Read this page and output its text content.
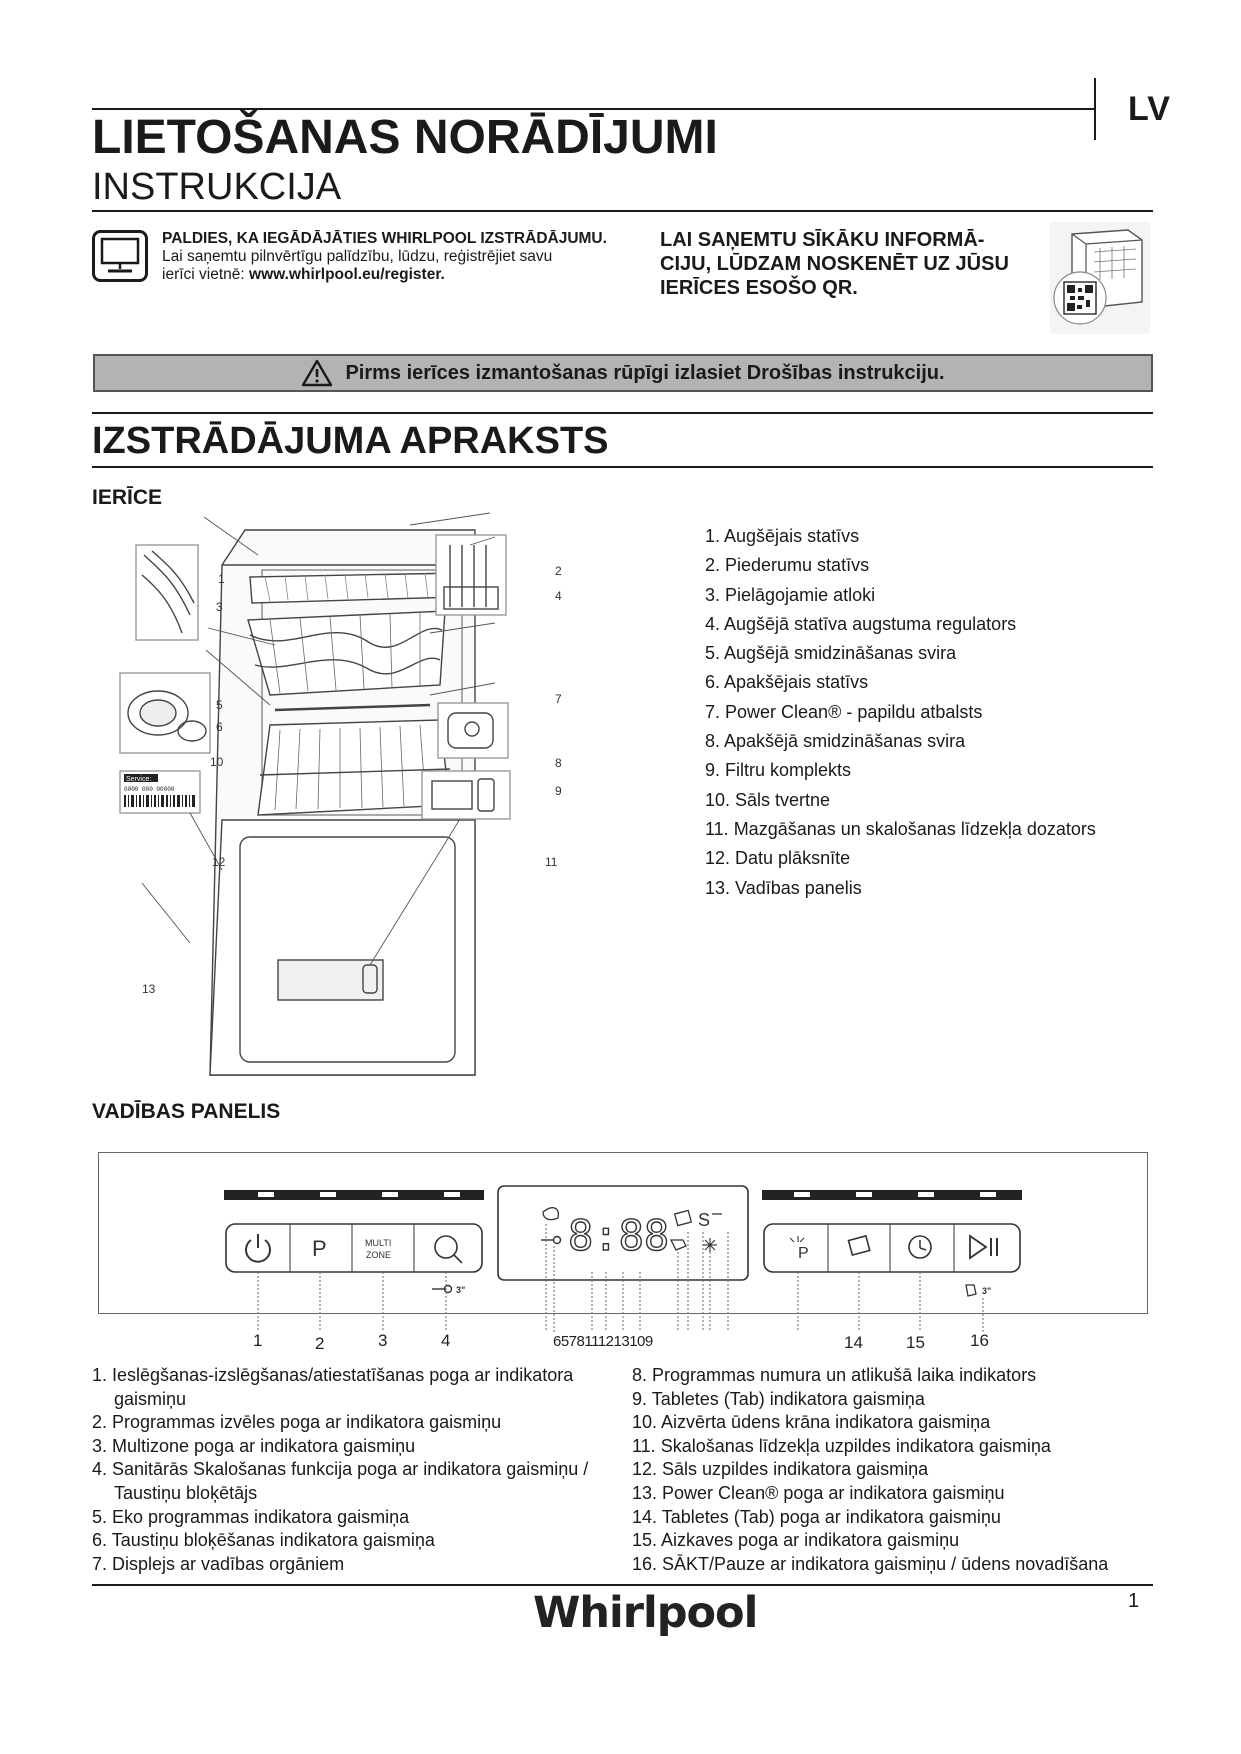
LV
LIETOŠANAS NORĀDĪJUMI
INSTRUKCIJA
PALDIES, KA IEGĀDĀJĀTIES WHIRLPOOL IZSTRĀDĀJUMU.
Lai saņemtu pilnvērtīgu palīdzību, lūdzu, reģistrējiet savu
ierīci vietnē: www.whirlpool.eu/register.
LAI SAŅEMTU SĪKĀKU INFORMĀ-
CIJU, LŪDZAM NOSKENĒT UZ JŪSU
IERĪCES ESOŠO QR.
Pirms ierīces izmantošanas rūpīgi izlasiet Drošības instrukciju.
IZSTRĀDĀJUMA APRAKSTS
IERĪCE
Service:
0000 000 00000
1
2
3
4
5
6
7
8
9
10
11
12
13
1. Augšējais statīvs
2. Piederumu statīvs
3. Pielāgojamie atloki
4. Augšējā statīva augstuma regulators
5. Augšējā smidzināšanas svira
6. Apakšējais statīvs
7. Power Clean® - papildu atbalsts
8. Apakšējā smidzināšanas svira
9. Filtru komplekts
10. Sāls tvertne
11. Mazgāšanas un skalošanas līdzekļa dozators
12. Datu plāksnīte
13. Vadības panelis
VADĪBAS PANELIS
P	MULTI
ZONE
3"
8:88 S
P
3"
1	2	3	4	6578111213109	14	15	16
1. Ieslēgšanas-izslēgšanas/atiestatīšanas poga ar indikatora gaismiņu
2. Programmas izvēles poga ar indikatora gaismiņu
3. Multizone poga ar indikatora gaismiņu
4. Sanitārās Skalošanas funkcija poga ar indikatora gaismiņu / Taustiņu bloķētājs
5. Eko programmas indikatora gaismiņa
6. Taustiņu bloķēšanas indikatora gaismiņa
7. Displejs ar vadības orgāniem
8. Programmas numura un atlikušā laika indikators
9. Tabletes (Tab) indikatora gaismiņa
10. Aizvērta ūdens krāna indikatora gaismiņa
11. Skalošanas līdzekļa uzpildes indikatora gaismiņa
12. Sāls uzpildes indikatora gaismiņa
13. Power Clean® poga ar indikatora gaismiņu
14. Tabletes (Tab) poga ar indikatora gaismiņu
15. Aizkaves poga ar indikatora gaismiņu
16. SĀKT/Pauze ar indikatora gaismiņu / ūdens novadīšana
Whirlpool	1
